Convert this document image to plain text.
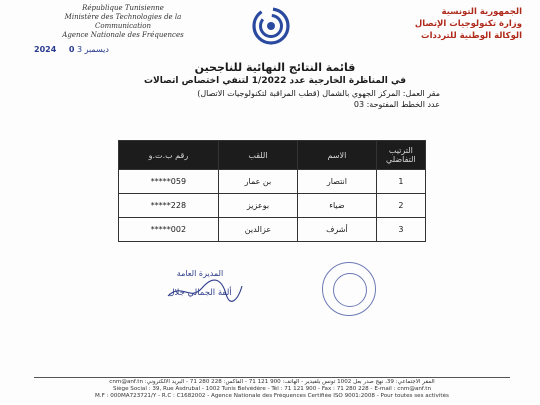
République Tunisienne
Ministère des Technologies de la Communication
Agence Nationale des Fréquences
الجمهورية التونسية
وزارة تكنولوجيات الإتصال
الوكالة الوطنية للترددات
2024	ديسمبر 3 0
قائمة النتائج النهائية للناجحين
في المناظرة الخارجية عدد 1/2022 لتنفي اختصاص اتصالات
مقر العمل: المركز الجهوي بالشمال (قطب المراقبة لتكنولوجيات الاتصال)
عدد الخطط المفتوحة: 03
الترتيب التفاضلي	الاسم	اللقب	رقم ب.ت.و
1	انتصار	بن عمار	059*****
2	ضياء	بوعزيز	228*****
3	أشرف	عزالدين	002*****
المديرة العامة
ألفة الجمالي جلال
المقر الاجتماعي: 39، نهج صدر بعل 1002 تونس بلفيدير - الهاتف: 900 121 71 - الفاكس: 228 280 71 - البريد الالكتروني: cnm@anf.tn
Siège Social : 39, Rue Asdrubal - 1002 Tunis Belvédère - Tél : 71 121 900 - Fax : 71 280 228 - E-mail : cnm@anf.tn
M.F : 000MA723721/Y - R.C : C1682002 - Agence Nationale des Fréquences Certifiée ISO 9001:2008 - Pour toutes ses activités
